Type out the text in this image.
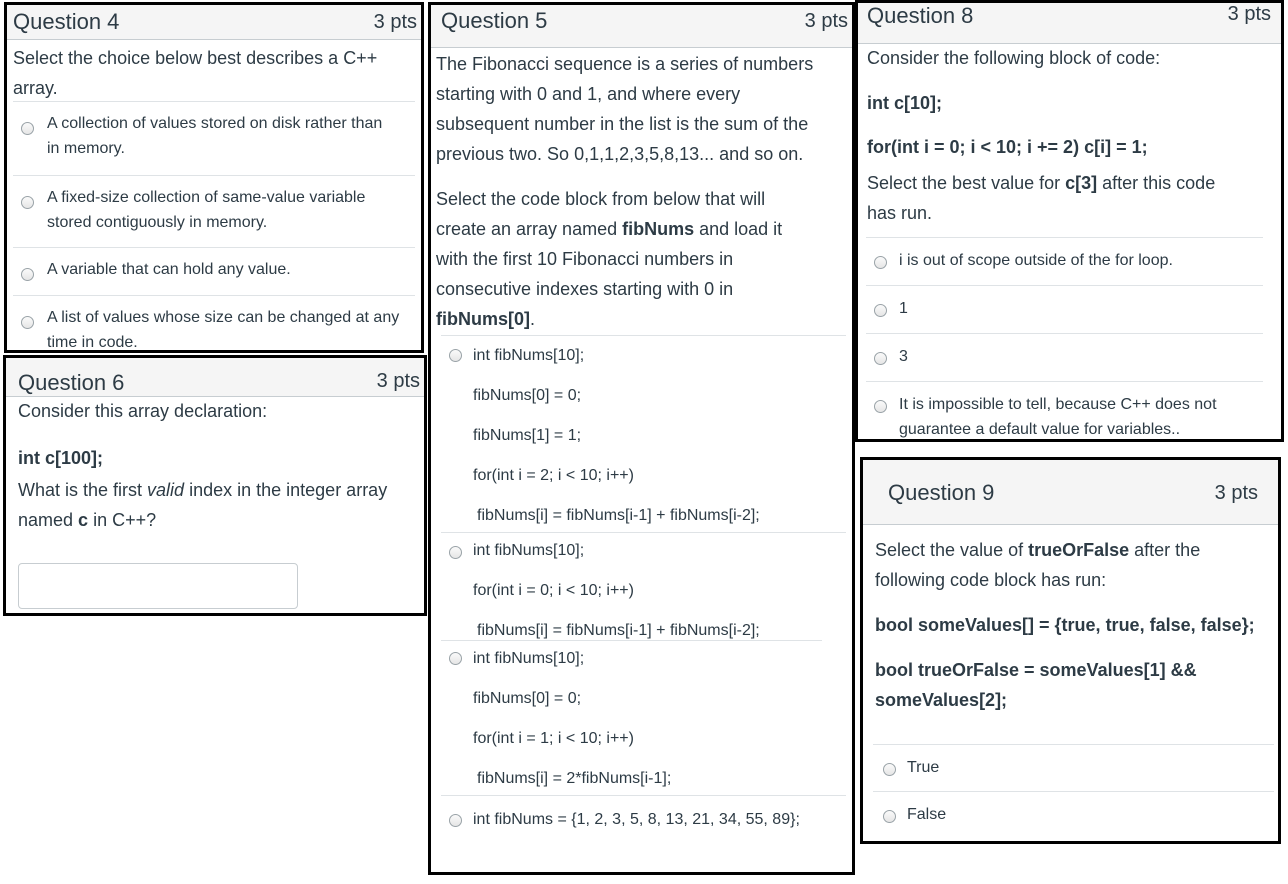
Question 4	3 pts
Select the choice below best describes a C++
array.
A collection of values stored on disk rather than
in memory.
A fixed-size collection of same-value variable
stored contiguously in memory.
A variable that can hold any value.
A list of values whose size can be changed at any
time in code.
Question 6	3 pts
Consider this array declaration:
int c[100];
What is the first valid index in the integer array
named c in C++?
Question 5	3 pts
The Fibonacci sequence is a series of numbers
starting with 0 and 1, and where every
subsequent number in the list is the sum of the
previous two. So 0,1,1,2,3,5,8,13... and so on.
Select the code block from below that will
create an array named fibNums and load it
with the first 10 Fibonacci numbers in
consecutive indexes starting with 0 in
fibNums[0].
int fibNums[10];
fibNums[0] = 0;
fibNums[1] = 1;
for(int i = 2; i < 10; i++)
fibNums[i] = fibNums[i-1] + fibNums[i-2];
int fibNums[10];
for(int i = 0; i < 10; i++)
fibNums[i] = fibNums[i-1] + fibNums[i-2];
int fibNums[10];
fibNums[0] = 0;
for(int i = 1; i < 10; i++)
fibNums[i] = 2*fibNums[i-1];
int fibNums = {1, 2, 3, 5, 8, 13, 21, 34, 55, 89};
Question 8	3 pts
Consider the following block of code:
int c[10];
for(int i = 0; i < 10; i += 2) c[i] = 1;
Select the best value for c[3] after this code
has run.
i is out of scope outside of the for loop.
1
3
It is impossible to tell, because C++ does not
guarantee a default value for variables..
Question 9	3 pts
Select the value of trueOrFalse after the
following code block has run:
bool someValues[] = {true, true, false, false};
bool trueOrFalse = someValues[1] &&
someValues[2];
True
False
